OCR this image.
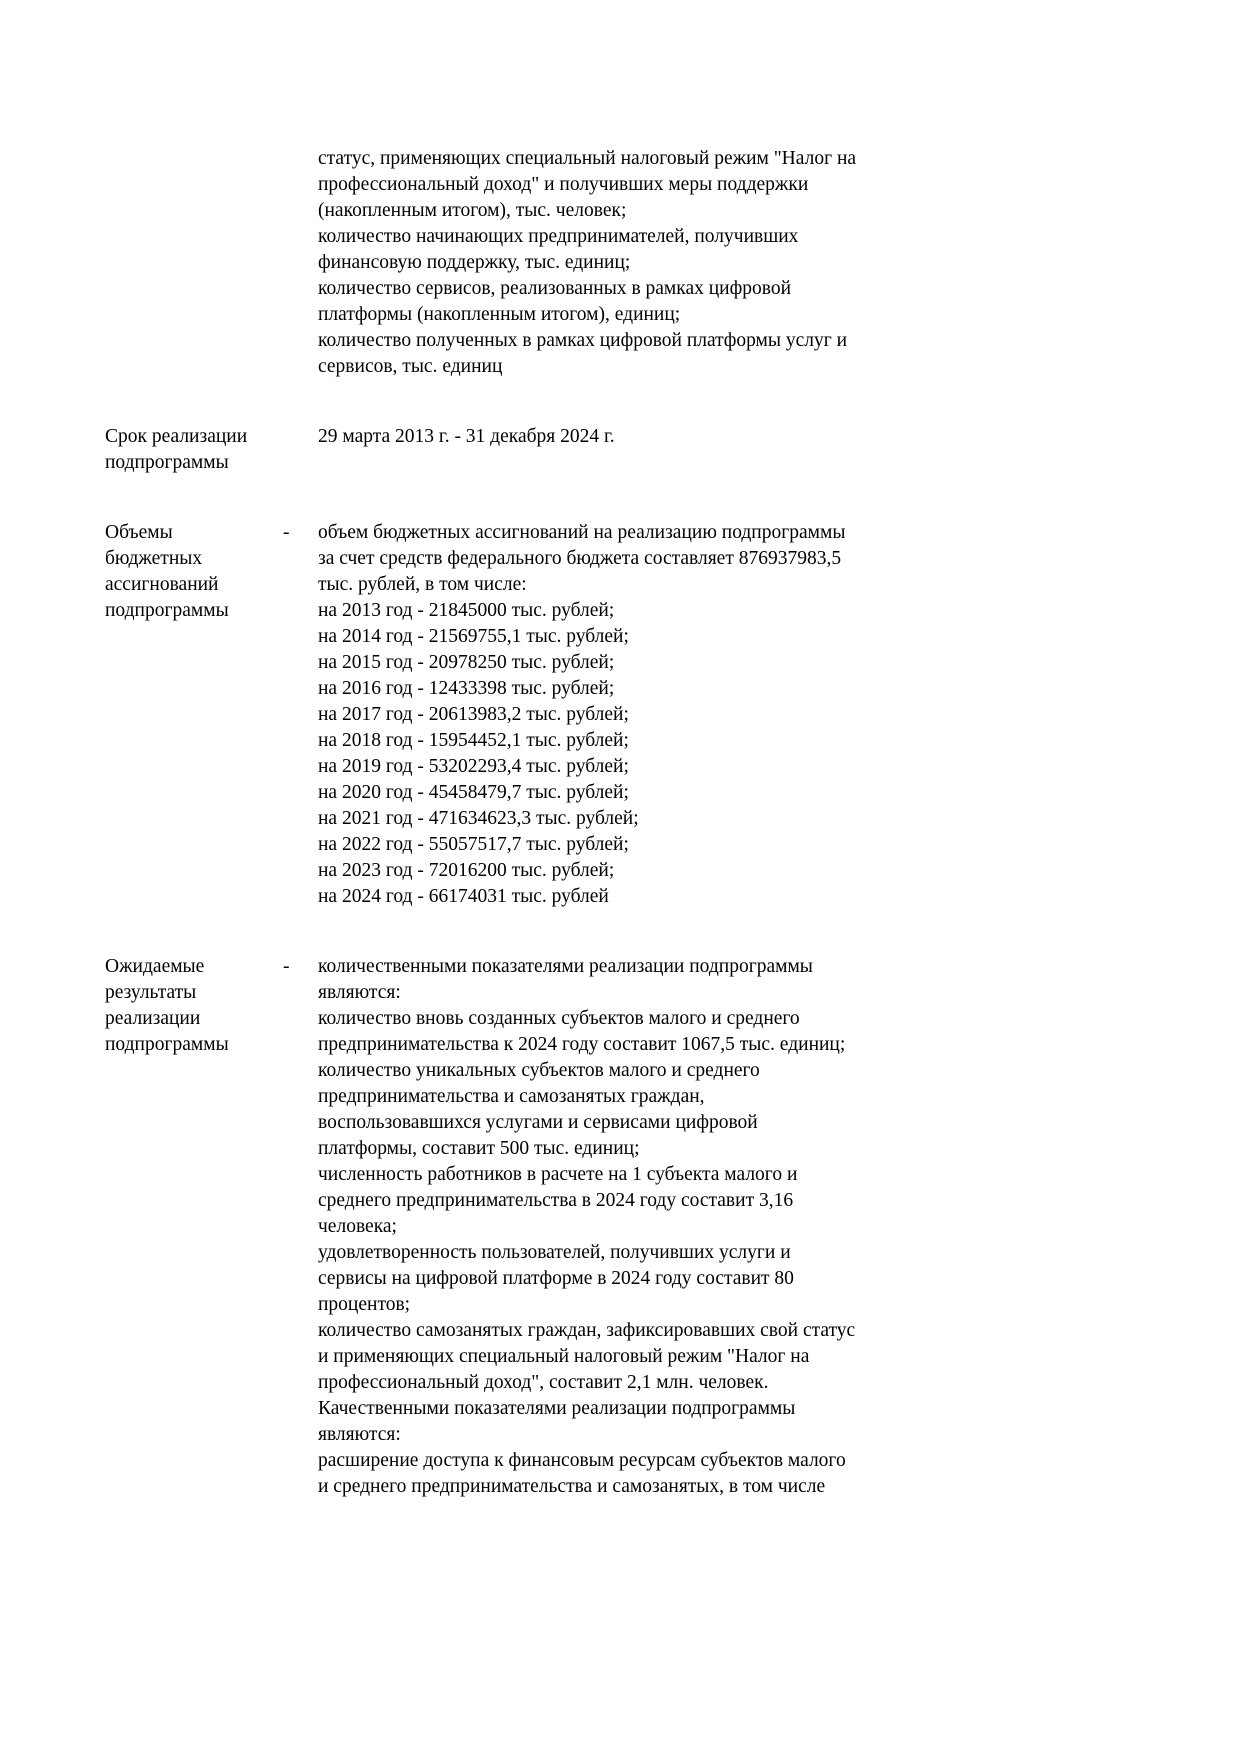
статус, применяющих специальный налоговый режим "Налог на
профессиональный доход" и получивших меры поддержки
(накопленным итогом), тыс. человек;
количество начинающих предпринимателей, получивших
финансовую поддержку, тыс. единиц;
количество сервисов, реализованных в рамках цифровой
платформы (накопленным итогом), единиц;
количество полученных в рамках цифровой платформы услуг и
сервисов, тыс. единиц
Срок реализации
подпрограммы
29 марта 2013 г. - 31 декабря 2024 г.
Объемы
бюджетных
ассигнований
подпрограммы
-	объем бюджетных ассигнований на реализацию подпрограммы
за счет средств федерального бюджета составляет 876937983,5
тыс. рублей, в том числе:
на 2013 год - 21845000 тыс. рублей;
на 2014 год - 21569755,1 тыс. рублей;
на 2015 год - 20978250 тыс. рублей;
на 2016 год - 12433398 тыс. рублей;
на 2017 год - 20613983,2 тыс. рублей;
на 2018 год - 15954452,1 тыс. рублей;
на 2019 год - 53202293,4 тыс. рублей;
на 2020 год - 45458479,7 тыс. рублей;
на 2021 год - 471634623,3 тыс. рублей;
на 2022 год - 55057517,7 тыс. рублей;
на 2023 год - 72016200 тыс. рублей;
на 2024 год - 66174031 тыс. рублей
Ожидаемые
результаты
реализации
подпрограммы
-	количественными показателями реализации подпрограммы
являются:
количество вновь созданных субъектов малого и среднего
предпринимательства к 2024 году составит 1067,5 тыс. единиц;
количество уникальных субъектов малого и среднего
предпринимательства и самозанятых граждан,
воспользовавшихся услугами и сервисами цифровой
платформы, составит 500 тыс. единиц;
численность работников в расчете на 1 субъекта малого и
среднего предпринимательства в 2024 году составит 3,16
человека;
удовлетворенность пользователей, получивших услуги и
сервисы на цифровой платформе в 2024 году составит 80
процентов;
количество самозанятых граждан, зафиксировавших свой статус
и применяющих специальный налоговый режим "Налог на
профессиональный доход", составит 2,1 млн. человек.
Качественными показателями реализации подпрограммы
являются:
расширение доступа к финансовым ресурсам субъектов малого
и среднего предпринимательства и самозанятых, в том числе
